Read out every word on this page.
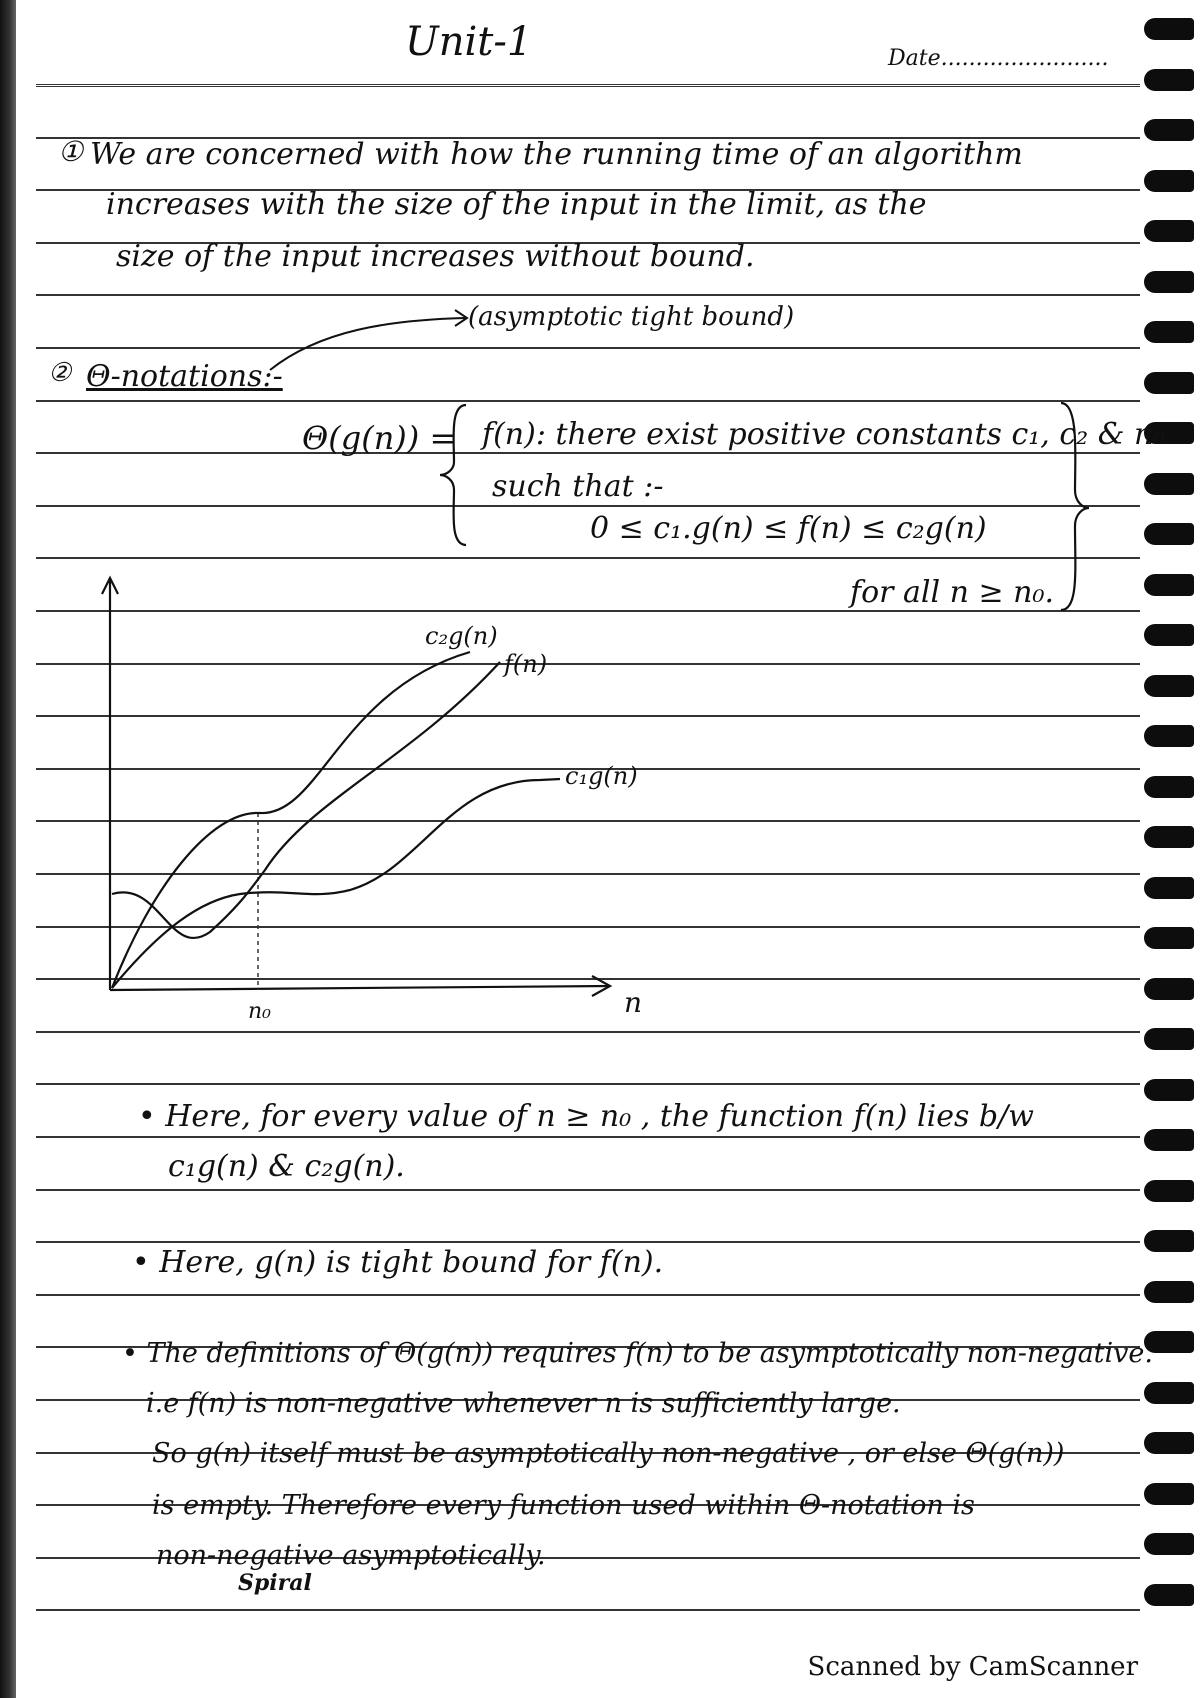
Unit-1	Date........................
① We are concerned with how the running time of an algorithm
increases with the size of the input in the limit, as the
size of the input increases without bound.
(asymptotic tight bound)
② Θ-notations:-
Θ(g(n)) = f(n): there exist positive constants c₁, c₂ & n₀
such that :-
0 ≤ c₁.g(n) ≤ f(n) ≤ c₂g(n)
for all n ≥ n₀.
n
n₀
c₂g(n)
f(n)
c₁g(n)
• Here, for every value of n ≥ n₀ , the function f(n) lies b/w
c₁g(n) & c₂g(n).
• Here, g(n) is tight bound for f(n).
• The definitions of Θ(g(n)) requires f(n) to be asymptotically non-negative.
i.e f(n) is non-negative whenever n is sufficiently large.
So g(n) itself must be asymptotically non-negative , or else Θ(g(n))
is empty. Therefore every function used within Θ-notation is
non-negative asymptotically.
Spiral
Scanned by CamScanner
